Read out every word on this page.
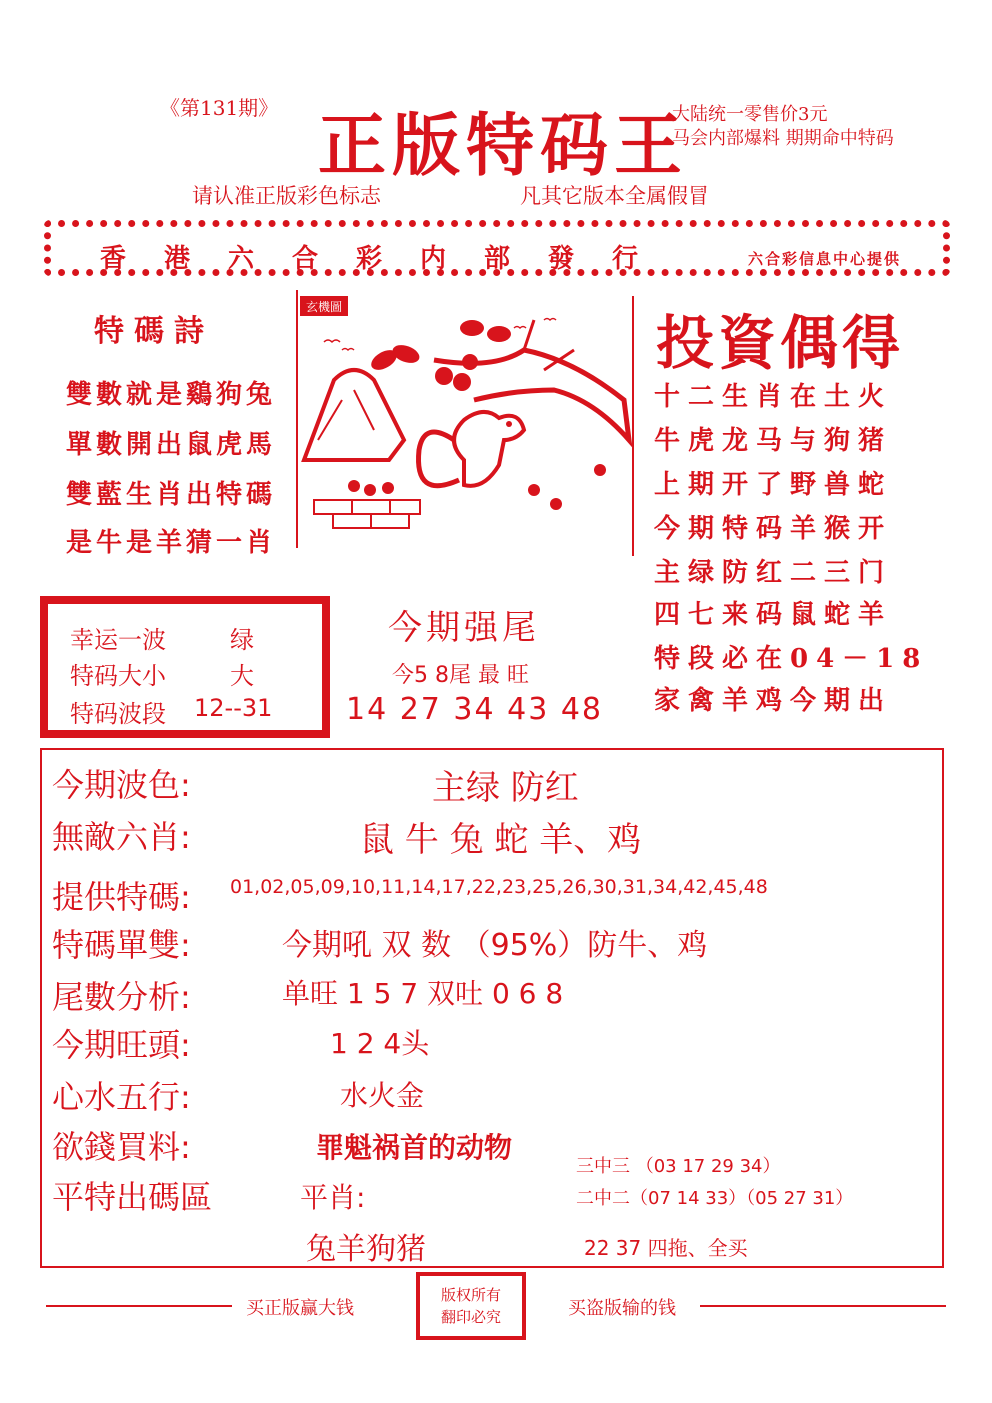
《第131期》 正版特码王
大陆统一零售价3元
马会内部爆料 期期命中特码
请认准正版彩色标志	凡其它版本全属假冒
香港六合彩内部發行	六合彩信息中心提供
特碼詩
雙數就是鷄狗兔
單數開出鼠虎馬
雙藍生肖出特碼
是牛是羊猜一肖
玄機圖
投資偶得
十二生肖在土火
牛虎龙马与狗猪
上期开了野兽蛇
今期特码羊猴开
主绿防红二三门
四七来码鼠蛇羊
特段必在04－18
家禽羊鸡今期出
幸运一波	绿
特码大小	大
特码波段 12--31
今期强尾
今5 8尾 最 旺
14 27 34 43 48
今期波色:	主绿 防红
無敵六肖:	鼠 牛 兔 蛇 羊、鸡
提供特碼: 01,02,05,09,10,11,14,17,22,23,25,26,30,31,34,42,45,48
特碼單雙:	今期吼 双 数 （95%）防牛、鸡
尾數分析:	单旺 1 5 7 双吐 0 6 8
今期旺頭:	1 2 4头
心水五行:	水火金
欲錢買料:	罪魁祸首的动物
平特出碼區	平肖:
兔羊狗猪
三中三 （03 17 29 34）
二中二（07 14 33）（05 27 31）
22 37 四拖、全买
买正版赢大钱
版权所有
翻印必究	买盗版输的钱
